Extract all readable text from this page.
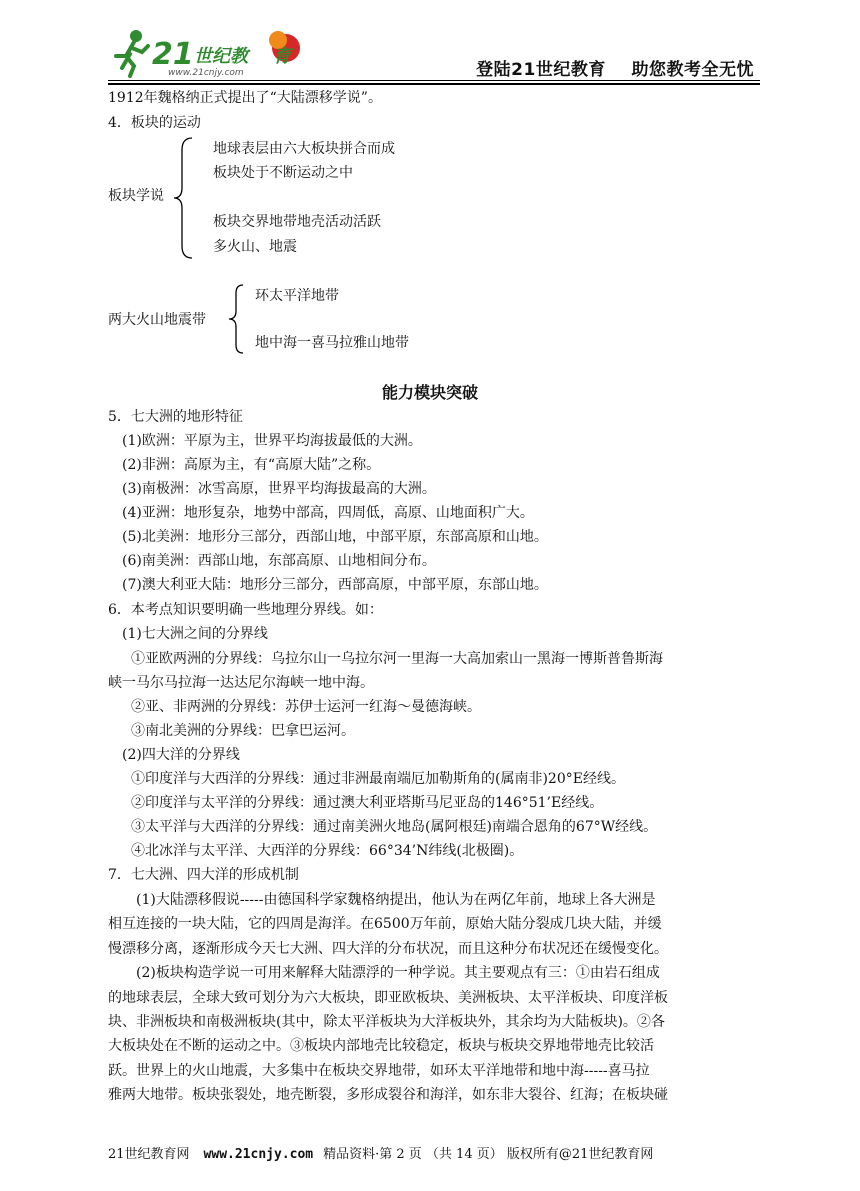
21 世纪教 育
www.21cnjy.com	登陆21世纪教育    助您教考全无忧
1912年魏格纳正式提出了“大陆漂移学说”。
4．板块的运动
板块学说
地球表层由六大板块拼合而成
板块处于不断运动之中
板块交界地带地壳活动活跃
多火山、地震
两大火山地震带
环太平洋地带
地中海一喜马拉雅山地带
能力模块突破
5．七大洲的地形特征
(1)欧洲：平原为主，世界平均海拔最低的大洲。
(2)非洲：高原为主，有“高原大陆”之称。
(3)南极洲：冰雪高原，世界平均海拔最高的大洲。
(4)亚洲：地形复杂，地势中部高，四周低，高原、山地面积广大。
(5)北美洲：地形分三部分，西部山地，中部平原，东部高原和山地。
(6)南美洲：西部山地，东部高原、山地相间分布。
(7)澳大利亚大陆：地形分三部分，西部高原，中部平原，东部山地。
6．本考点知识要明确一些地理分界线。如：
(1)七大洲之间的分界线
①亚欧两洲的分界线：乌拉尔山一乌拉尔河一里海一大高加索山一黑海一博斯普鲁斯海
峡一马尔马拉海一达达尼尔海峡一地中海。
②亚、非两洲的分界线：苏伊士运河一红海～曼德海峡。
③南北美洲的分界线：巴拿巴运河。
(2)四大洋的分界线
①印度洋与大西洋的分界线：通过非洲最南端厄加勒斯角的(属南非)20°E经线。
②印度洋与太平洋的分界线：通过澳大利亚塔斯马尼亚岛的146°51’E经线。
③太平洋与大西洋的分界线：通过南美洲火地岛(属阿根廷)南端合恩角的67°W经线。
④北冰洋与太平洋、大西洋的分界线：66°34’N纬线(北极圈)。
7．七大洲、四大洋的形成机制
(1)大陆漂移假说-----由德国科学家魏格纳提出，他认为在两亿年前，地球上各大洲是
相互连接的一块大陆，它的四周是海洋。在6500万年前，原始大陆分裂成几块大陆，并缓
慢漂移分离，逐渐形成今天七大洲、四大洋的分布状况，而且这种分布状况还在缓慢变化。
(2)板块构造学说一可用来解释大陆漂浮的一种学说。其主要观点有三：①由岩石组成
的地球表层，全球大致可划分为六大板块，即亚欧板块、美洲板块、太平洋板块、印度洋板
块、非洲板块和南极洲板块(其中，除太平洋板块为大洋板块外，其余均为大陆板块)。②各
大板块处在不断的运动之中。③板块内部地壳比较稳定，板块与板块交界地带地壳比较活
跃。世界上的火山地震，大多集中在板块交界地带，如环太平洋地带和地中海-----喜马拉
雅两大地带。板块张裂处，地壳断裂，多形成裂谷和海洋，如东非大裂谷、红海；在板块碰
21世纪教育网 www.21cnjy.com 精品资料·第 2 页 （共 14 页） 版权所有@21世纪教育网
